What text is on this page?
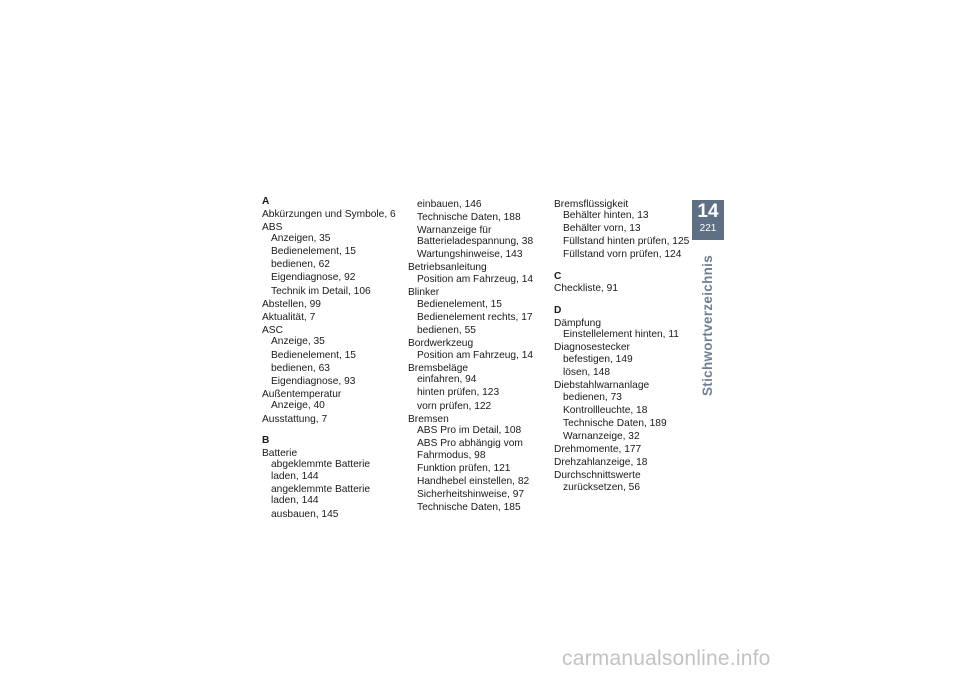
A
Abkürzungen und Symbole, 6
ABS
Anzeigen, 35
Bedienelement, 15
bedienen, 62
Eigendiagnose, 92
Technik im Detail, 106
Abstellen, 99
Aktualität, 7
ASC
Anzeige, 35
Bedienelement, 15
bedienen, 63
Eigendiagnose, 93
Außentemperatur
Anzeige, 40
Ausstattung, 7
B
Batterie
abgeklemmte Batterie
laden, 144
angeklemmte Batterie
laden, 144
ausbauen, 145
einbauen, 146
Technische Daten, 188
Warnanzeige für
Batterieladespannung, 38
Wartungshinweise, 143
Betriebsanleitung
Position am Fahrzeug, 14
Blinker
Bedienelement, 15
Bedienelement rechts, 17
bedienen, 55
Bordwerkzeug
Position am Fahrzeug, 14
Bremsbeläge
einfahren, 94
hinten prüfen, 123
vorn prüfen, 122
Bremsen
ABS Pro im Detail, 108
ABS Pro abhängig vom
Fahrmodus, 98
Funktion prüfen, 121
Handhebel einstellen, 82
Sicherheitshinweise, 97
Technische Daten, 185
Bremsflüssigkeit
Behälter hinten, 13
Behälter vorn, 13
Füllstand hinten prüfen, 125
Füllstand vorn prüfen, 124
C
Checkliste, 91
D
Dämpfung
Einstellelement hinten, 11
Diagnosestecker
befestigen, 149
lösen, 148
Diebstahlwarnanlage
bedienen, 73
Kontrollleuchte, 18
Technische Daten, 189
Warnanzeige, 32
Drehmomente, 177
Drehzahlanzeige, 18
Durchschnittswerte
zurücksetzen, 56
14
221
Stichwortverzeichnis
carmanualsonline.info
